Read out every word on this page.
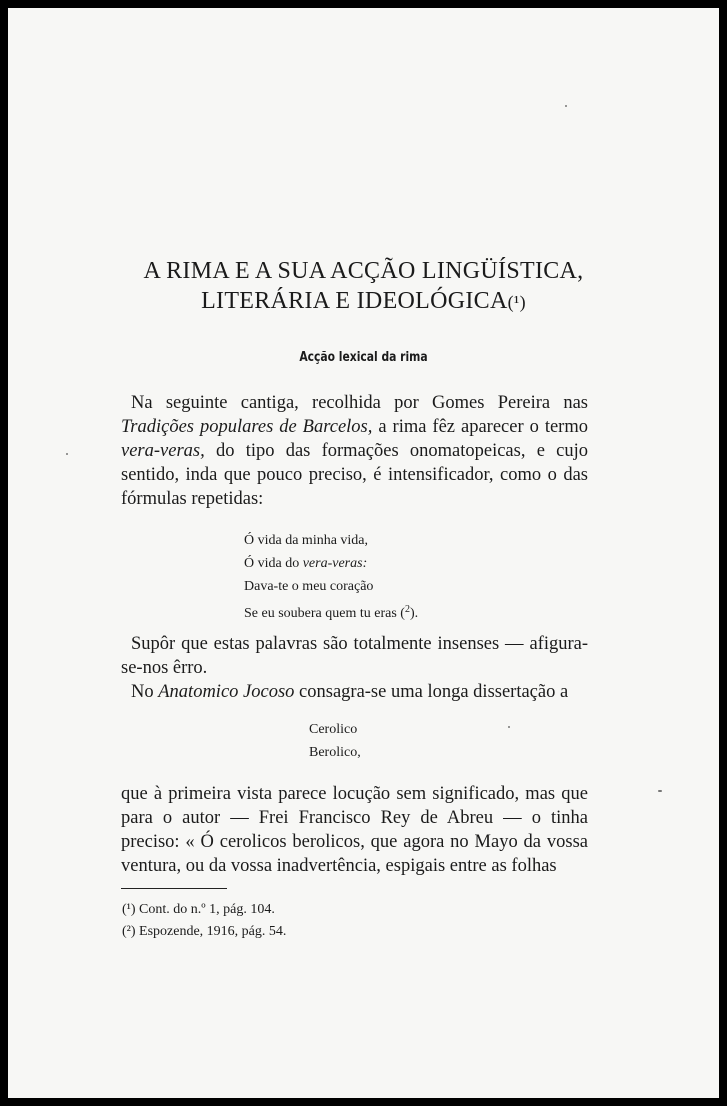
A RIMA E A SUA ACÇÃO LINGÜÍSTICA,
LITERÁRIA E IDEOLÓGICA(¹)
Acção lexical da rima

Na seguinte cantiga, recolhida por Gomes Pereira nas Tradições populares de Barcelos, a rima fêz aparecer o termo vera-veras, do tipo das formações onomatopeicas, e cujo sentido, inda que pouco preciso, é intensificador, como o das fórmulas repetidas:

Ó vida da minha vida,
Ó vida do vera-veras:
Dava-te o meu coração
Se eu soubera quem tu eras ($^2$).

Supôr que estas palavras são totalmente insenses — afigura-se-nos êrro.

No Anatomico Jocoso consagra-se uma longa dissertação a

Cerolico
Berolico,

que à primeira vista parece locução sem significado, mas que para o autor — Frei Francisco Rey de Abreu — o tinha preciso: « Ó cerolicos berolicos, que agora no Mayo da vossa ventura, ou da vossa inadvertência, espigais entre as folhas

(¹) Cont. do n.º 1, pág. 104.
(²) Espozende, 1916, pág. 54.
